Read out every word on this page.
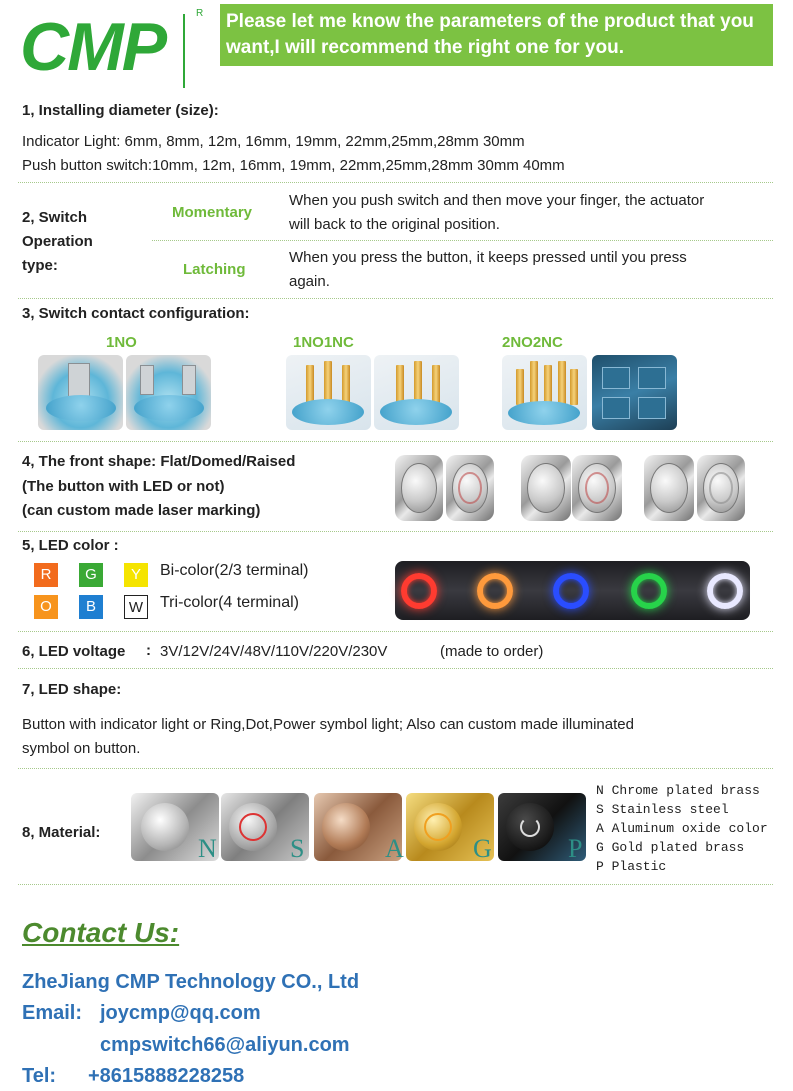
CMP	R Please let me know the parameters of the product that you
want,I will recommend the right one for you.
1, Installing diameter (size):
Indicator Light: 6mm, 8mm, 12m, 16mm, 19mm, 22mm,25mm,28mm 30mm
Push button switch:10mm, 12m, 16mm, 19mm, 22mm,25mm,28mm 30mm 40mm
2, Switch
Operation
type:
Momentary
When you push switch and then move your finger, the actuator
will back to the original position.
Latching
When you press the button, it keeps pressed until you press
again.
3, Switch contact configuration:
1NO	1NO1NC	2NO2NC
4, The front shape: Flat/Domed/Raised
(The button with LED or not)
(can custom made laser marking)
5, LED color :
R	G	Y
O	B	W
Bi-color(2/3 terminal)
Tri-color(4 terminal)
6, LED voltage : 3V/12V/24V/48V/110V/220V/230V	(made to order)
7, LED shape:
Button with indicator light or Ring,Dot,Power symbol light; Also can custom made illuminated
symbol on button.
8, Material:
N	S	A	G	P
N Chrome plated brass
S Stainless steel
A Aluminum oxide color
G Gold plated brass
P Plastic
Contact Us:
ZheJiang CMP Technology CO., Ltd
Email: joycmp@qq.com
cmpswitch66@aliyun.com
Tel: +8615888228258
